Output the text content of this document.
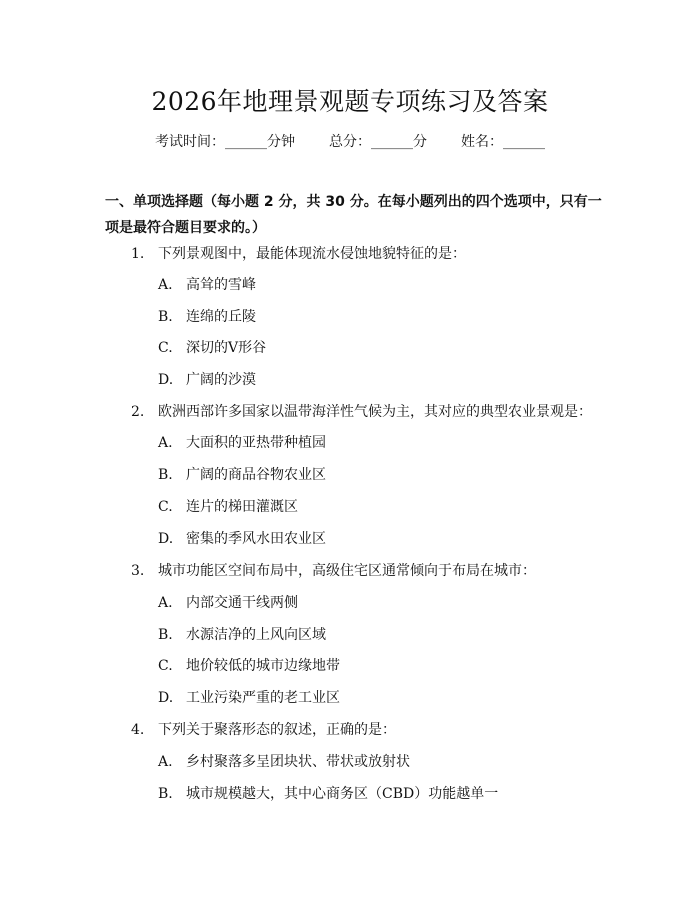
2026年地理景观题专项练习及答案
考试时间：______分钟 总分：______分 姓名：______
一、单项选择题（每小题 2 分，共 30 分。在每小题列出的四个选项中，只有一项是最符合题目要求的。）
1. 下列景观图中，最能体现流水侵蚀地貌特征的是：
A. 高耸的雪峰
B. 连绵的丘陵
C. 深切的V形谷
D. 广阔的沙漠
2. 欧洲西部许多国家以温带海洋性气候为主，其对应的典型农业景观是：
A. 大面积的亚热带种植园
B. 广阔的商品谷物农业区
C. 连片的梯田灌溉区
D. 密集的季风水田农业区
3. 城市功能区空间布局中，高级住宅区通常倾向于布局在城市：
A. 内部交通干线两侧
B. 水源洁净的上风向区域
C. 地价较低的城市边缘地带
D. 工业污染严重的老工业区
4. 下列关于聚落形态的叙述，正确的是：
A. 乡村聚落多呈团块状、带状或放射状
B. 城市规模越大，其中心商务区（CBD）功能越单一
